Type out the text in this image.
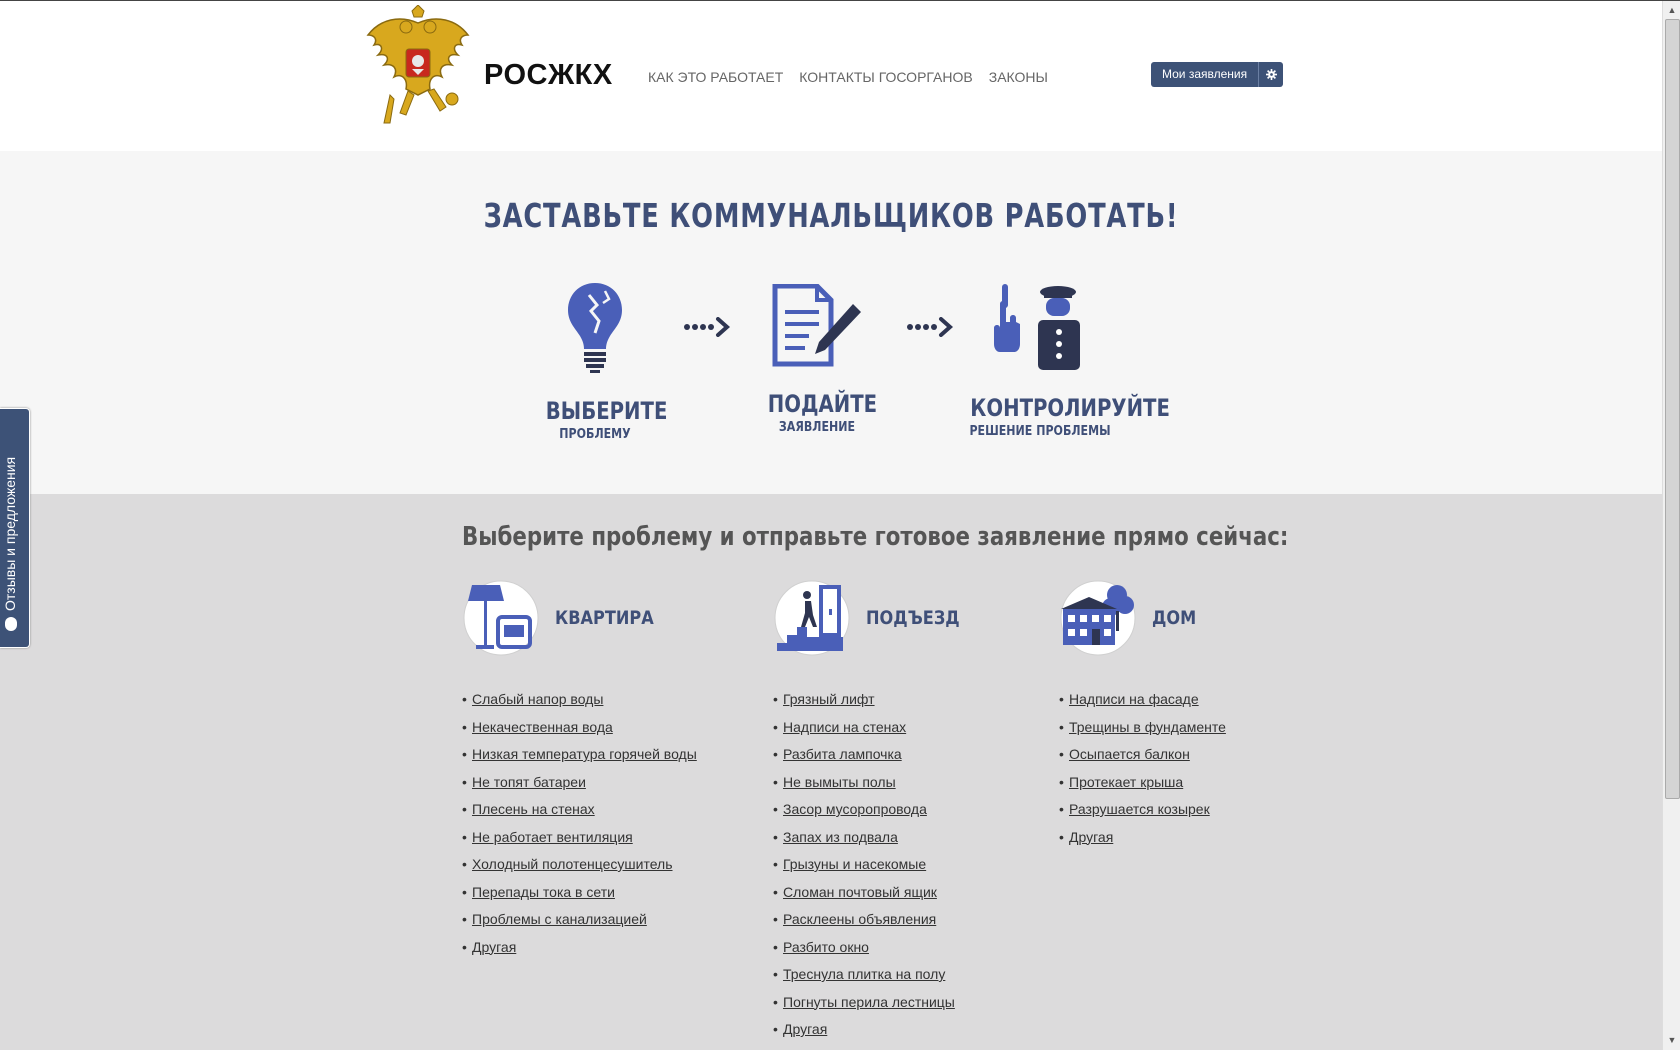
РОСЖКХ	КАК ЭТО РАБОТАЕТ КОНТАКТЫ ГОСОРГАНОВ ЗАКОНЫ	Мои заявления
ЗАСТАВЬТЕ КОММУНАЛЬЩИКОВ РАБОТАТЬ!
ВЫБЕРИТЕ
ПРОБЛЕМУ
ПОДАЙТЕ
ЗАЯВЛЕНИЕ
КОНТРОЛИРУЙТЕ
РЕШЕНИЕ ПРОБЛЕМЫ
Выберите проблему и отправьте готовое заявление прямо сейчас:
КВАРТИРА
• Слабый напор воды
• Некачественная вода
• Низкая температура горячей воды
• Не топят батареи
• Плесень на стенах
• Не работает вентиляция
• Холодный полотенцесушитель
• Перепады тока в сети
• Проблемы с канализацией
• Другая
ПОДЪЕЗД
• Грязный лифт
• Надписи на стенах
• Разбита лампочка
• Не вымыты полы
• Засор мусоропровода
• Запах из подвала
• Грызуны и насекомые
• Сломан почтовый ящик
• Расклеены объявления
• Разбито окно
• Треснула плитка на полу
• Погнуты перила лестницы
• Другая
ДОМ
• Надписи на фасаде
• Трещины в фундаменте
• Осыпается балкон
• Протекает крыша
• Разрушается козырек
• Другая
Отзывы и предложения
▲
▼
